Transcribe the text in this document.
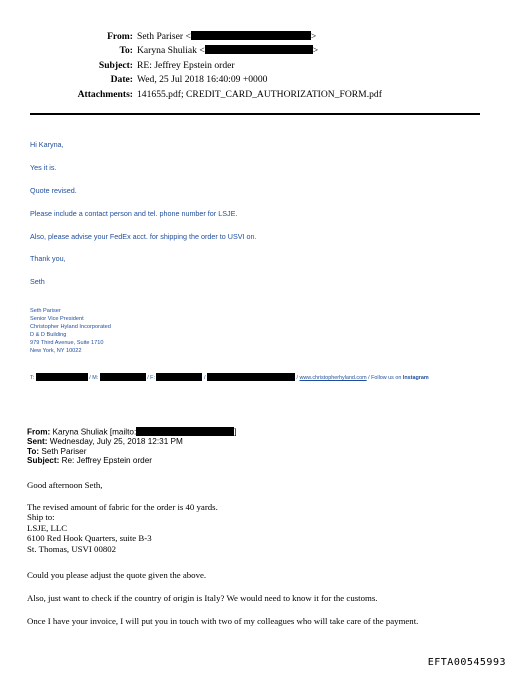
From: Seth Pariser <	>
To: Karyna Shuliak <	>
Subject: RE: Jeffrey Epstein order
Date: Wed, 25 Jul 2018 16:40:09 +0000
Attachments: 141655.pdf; CREDIT_CARD_AUTHORIZATION_FORM.pdf
Hi Karyna,
Yes it is.
Quote revised.
Please include a contact person and tel. phone number for LSJE.
Also, please advise your FedEx acct. for shipping the order to USVI on.
Thank you,
Seth
Seth Pariser
Senior Vice President
Christopher Hyland Incorporated
D & D Building
979 Third Avenue, Suite 1710
New York, NY 10022
T:	/ M:	/ F:	/	/ www.christopherhyland.com / Follow us on Instagram
From: Karyna Shuliak [mailto:	]
Sent: Wednesday, July 25, 2018 12:31 PM
To: Seth Pariser
Subject: Re: Jeffrey Epstein order
Good afternoon Seth,
The revised amount of fabric for the order is 40 yards.
Ship to:
LSJE, LLC
6100 Red Hook Quarters, suite B-3
St. Thomas, USVI 00802
Could you please adjust the quote given the above.
Also, just want to check if the country of origin is Italy? We would need to know it for the customs.
Once I have your invoice, I will put you in touch with two of my colleagues who will take care of the payment.
EFTA00545993
